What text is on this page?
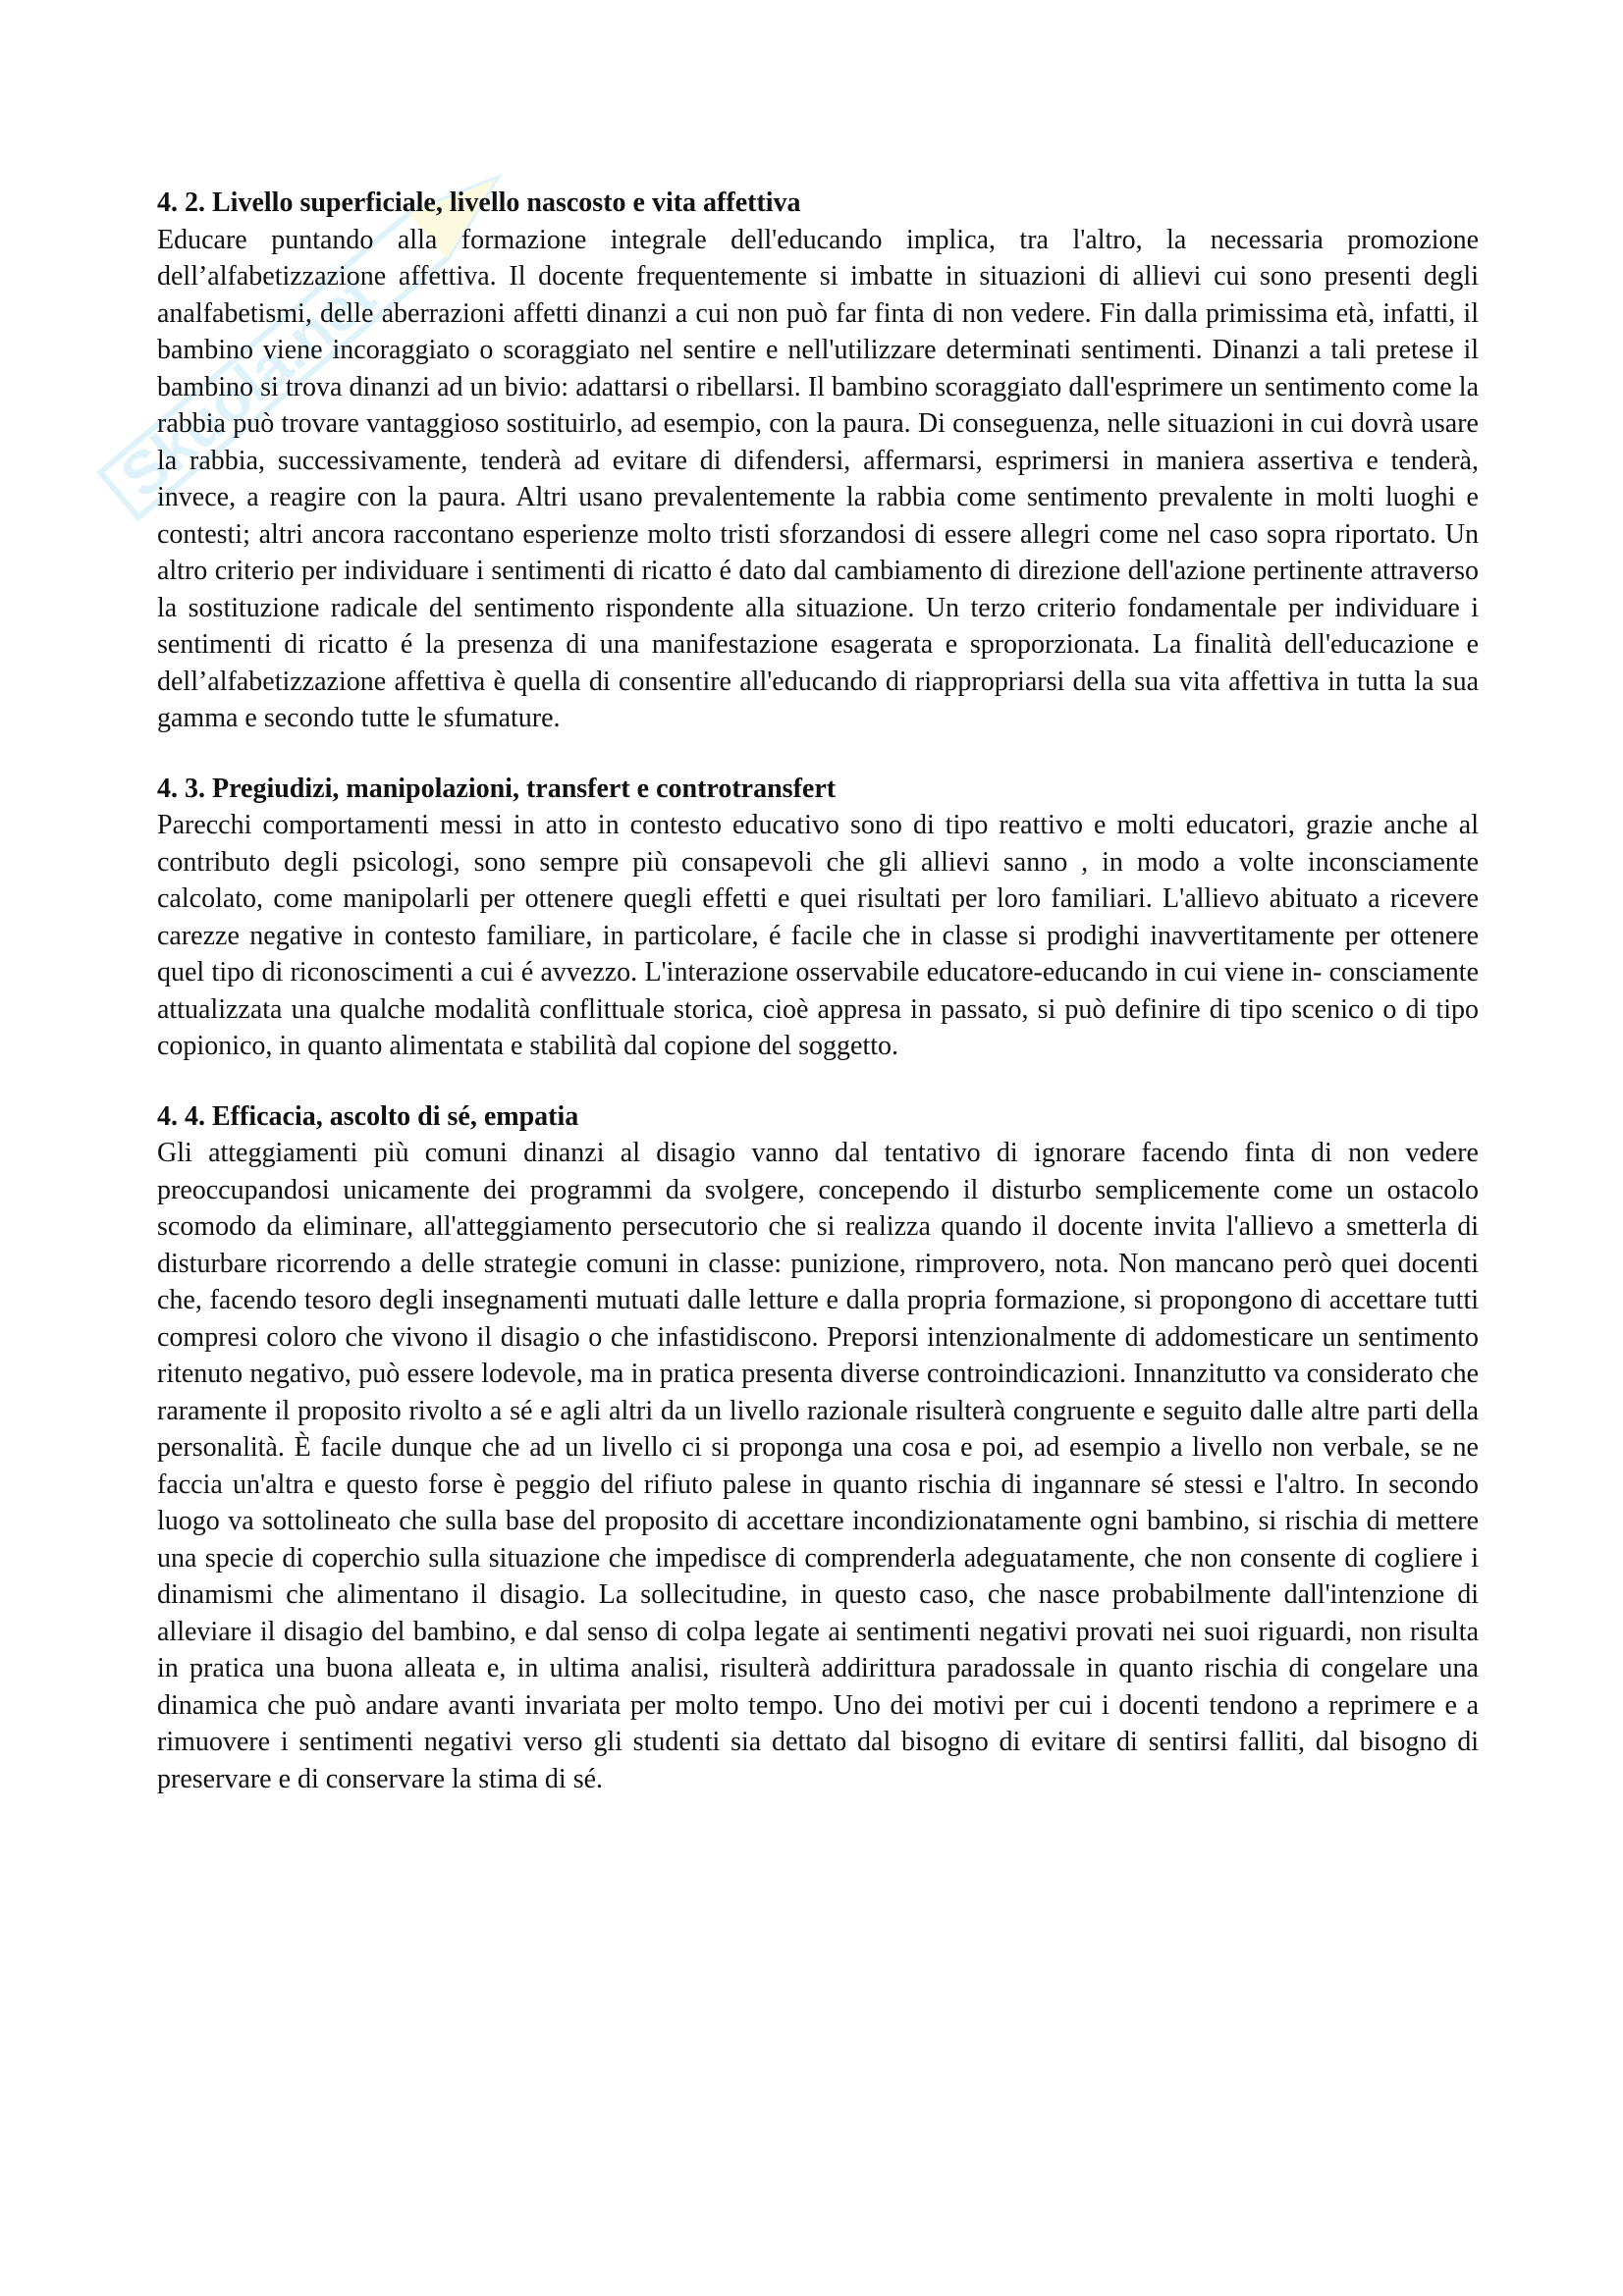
Skuola.net

4. 2. Livello superficiale, livello nascosto e vita affettiva

Educare puntando alla formazione integrale dell'educando implica, tra l'altro, la necessaria promozione dell’alfabetizzazione affettiva. Il docente frequentemente si imbatte in situazioni di allievi cui sono presenti degli analfabetismi, delle aberrazioni affetti dinanzi a cui non può far finta di non vedere. Fin dalla primissima età, infatti, il bambino viene incoraggiato o scoraggiato nel sentire e nell'utilizzare determinati sentimenti. Dinanzi a tali pretese il bambino si trova dinanzi ad un bivio: adattarsi o ribellarsi. Il bambino scoraggiato dall'esprimere un sentimento come la rabbia può trovare vantaggioso sostituirlo, ad esempio, con la paura. Di conseguenza, nelle situazioni in cui dovrà usare la rabbia, successivamente, tenderà ad evitare di difendersi, affermarsi, esprimersi in maniera assertiva e tenderà, invece, a reagire con la paura. Altri usano prevalentemente la rabbia come sentimento prevalente in molti luoghi e contesti; altri ancora raccontano esperienze molto tristi sforzandosi di essere allegri come nel caso sopra riportato. Un altro criterio per individuare i sentimenti di ricatto é dato dal cambiamento di direzione dell'azione pertinente attraverso la sostituzione radicale del sentimento rispondente alla situazione. Un terzo criterio fondamentale per individuare i sentimenti di ricatto é la presenza di una manifestazione esagerata e sproporzionata. La finalità dell'educazione e dell’alfabetizzazione affettiva è quella di consentire all'educando di riappropriarsi della sua vita affettiva in tutta la sua gamma e secondo tutte le sfumature.

4. 3. Pregiudizi, manipolazioni, transfert e controtransfert

Parecchi comportamenti messi in atto in contesto educativo sono di tipo reattivo e molti educatori, grazie anche al contributo degli psicologi, sono sempre più consapevoli che gli allievi sanno , in modo a volte inconsciamente calcolato, come manipolarli per ottenere quegli effetti e quei risultati per loro familiari. L'allievo abituato a ricevere carezze negative in contesto familiare, in particolare, é facile che in classe si prodighi inavvertitamente per ottenere quel tipo di riconoscimenti a cui é avvezzo. L'interazione osservabile educatore-educando in cui viene in- consciamente attualizzata una qualche modalità conflittuale storica, cioè appresa in passato, si può definire di tipo scenico o di tipo copionico, in quanto alimentata e stabilità dal copione del soggetto.

4. 4. Efficacia, ascolto di sé, empatia

Gli atteggiamenti più comuni dinanzi al disagio vanno dal tentativo di ignorare facendo finta di non vedere preoccupandosi unicamente dei programmi da svolgere, concependo il disturbo semplicemente come un ostacolo scomodo da eliminare, all'atteggiamento persecutorio che si realizza quando il docente invita l'allievo a smetterla di disturbare ricorrendo a delle strategie comuni in classe: punizione, rimprovero, nota. Non mancano però quei docenti che, facendo tesoro degli insegnamenti mutuati dalle letture e dalla propria formazione, si propongono di accettare tutti compresi coloro che vivono il disagio o che infastidiscono. Preporsi intenzionalmente di addomesticare un sentimento ritenuto negativo, può essere lodevole, ma in pratica presenta diverse controindicazioni. Innanzitutto va considerato che raramente il proposito rivolto a sé e agli altri da un livello razionale risulterà congruente e seguito dalle altre parti della personalità. È facile dunque che ad un livello ci si proponga una cosa e poi, ad esempio a livello non verbale, se ne faccia un'altra e questo forse è peggio del rifiuto palese in quanto rischia di ingannare sé stessi e l'altro. In secondo luogo va sottolineato che sulla base del proposito di accettare incondizionatamente ogni bambino, si rischia di mettere una specie di coperchio sulla situazione che impedisce di comprenderla adeguatamente, che non consente di cogliere i dinamismi che alimentano il disagio. La sollecitudine, in questo caso, che nasce probabilmente dall'intenzione di alleviare il disagio del bambino, e dal senso di colpa legate ai sentimenti negativi provati nei suoi riguardi, non risulta in pratica una buona alleata e, in ultima analisi, risulterà addirittura paradossale in quanto rischia di congelare una dinamica che può andare avanti invariata per molto tempo. Uno dei motivi per cui i docenti tendono a reprimere e a rimuovere i sentimenti negativi verso gli studenti sia dettato dal bisogno di evitare di sentirsi falliti, dal bisogno di preservare e di conservare la stima di sé.
